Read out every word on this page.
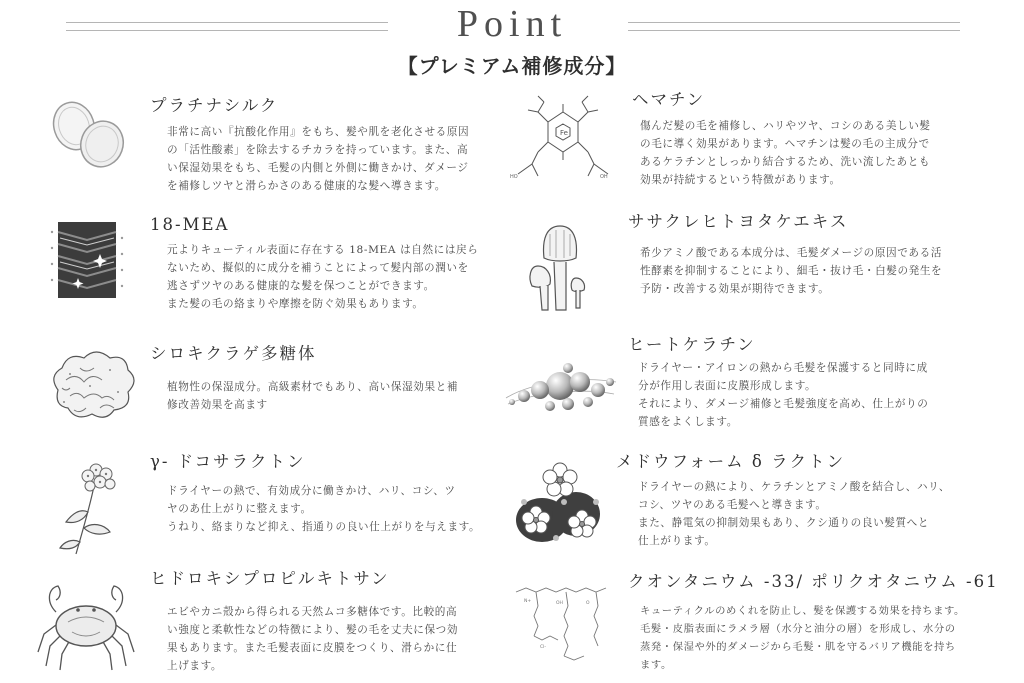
Point
【プレミアム補修成分】
プラチナシルク

非常に高い『抗酸化作用』をもち、髪や肌を老化させる原因
の「活性酸素」を除去するチカラを持っています。また、高
い保湿効果をもち、毛髪の内側と外側に働きかけ、ダメージ
を補修しツヤと滑らかさのある健康的な髪へ導きます。

18-MEA

元よりキューティル表面に存在する 18-MEA は自然には戻ら
ないため、擬似的に成分を補うことによって髪内部の潤いを
逃さずツヤのある健康的な髪を保つことができます。
また髪の毛の絡まりや摩擦を防ぐ効果もあります。

シロキクラゲ多糖体

植物性の保湿成分。高級素材でもあり、高い保湿効果と補
修改善効果を高ます

γ- ドコサラクトン

ドライヤーの熱で、有効成分に働きかけ、ハリ、コシ、ツ
ヤのあ仕上がりに整えます。
うねり、絡まりなど抑え、指通りの良い仕上がりを与えます。

ヒドロキシプロピルキトサン

エビやカニ殻から得られる天然ムコ多糖体です。比較的高
い強度と柔軟性などの特徴により、髪の毛を丈夫に保つ効
果もあります。また毛髪表面に皮膜をつくり、滑らかに仕
上げます。

Fe
HO	OH
ヘマチン

傷んだ髪の毛を補修し、ハリやツヤ、コシのある美しい髪
の毛に導く効果があります。ヘマチンは髪の毛の主成分で
あるケラチンとしっかり結合するため、洗い流したあとも
効果が持続するという特徴があります。

ササクレヒトヨタケエキス

希少アミノ酸である本成分は、毛髪ダメージの原因である活
性酵素を抑制することにより、細毛・抜け毛・白髪の発生を
予防・改善する効果が期待できます。

ヒートケラチン

ドライヤー・アイロンの熱から毛髪を保護すると同時に成
分が作用し表面に皮膜形成します。
それにより、ダメージ補修と毛髪強度を高め、仕上がりの
質感をよくします。

メドウフォーム δ ラクトン

ドライヤーの熱により、ケラチンとアミノ酸を結合し、ハリ、
コシ、ツヤのある毛髪へと導きます。
また、静電気の抑制効果もあり、クシ通りの良い髪質へと
仕上がります。

N+	OH	O
Cl-
クオンタニウム -33/ ポリクオタニウム -61

キューティクルのめくれを防止し、髪を保護する効果を持ちます。
毛髪・皮脂表面にラメラ層（水分と油分の層）を形成し、水分の
蒸発・保湿や外的ダメージから毛髪・肌を守るバリア機能を持ち
ます。
